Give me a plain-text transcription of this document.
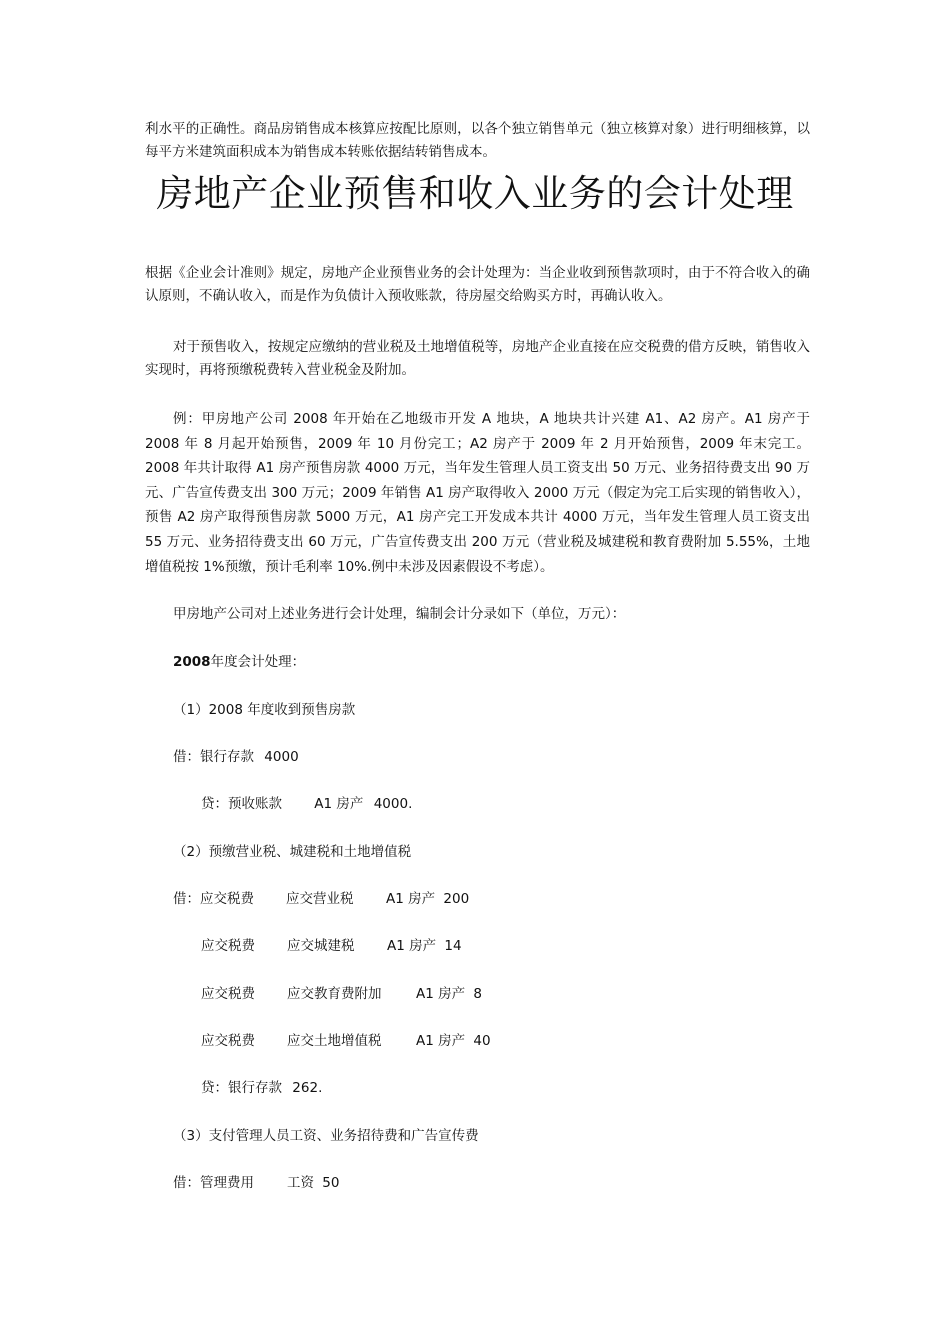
利水平的正确性。商品房销售成本核算应按配比原则，以各个独立销售单元（独立核算对象）进行明细核算，以每平方米建筑面积成本为销售成本转账依据结转销售成本。

房地产企业预售和收入业务的会计处理

根据《企业会计准则》规定，房地产企业预售业务的会计处理为：当企业收到预售款项时，由于不符合收入的确认原则，不确认收入，而是作为负债计入预收账款，待房屋交给购买方时，再确认收入。

对于预售收入，按规定应缴纳的营业税及土地增值税等，房地产企业直接在应交税费的借方反映，销售收入实现时，再将预缴税费转入营业税金及附加。

例：甲房地产公司 2008 年开始在乙地级市开发 A 地块，A 地块共计兴建 A1、A2 房产。A1 房产于 2008 年 8 月起开始预售，2009 年 10 月份完工；A2 房产于 2009 年 2 月开始预售，2009 年末完工。2008 年共计取得 A1 房产预售房款 4000 万元，当年发生管理人员工资支出 50 万元、业务招待费支出 90 万元、广告宣传费支出 300 万元；2009 年销售 A1 房产取得收入 2000 万元（假定为完工后实现的销售收入），预售 A2 房产取得预售房款 5000 万元，A1 房产完工开发成本共计 4000 万元，当年发生管理人员工资支出 55 万元、业务招待费支出 60 万元，广告宣传费支出 200 万元（营业税及城建税和教育费附加 5.55%，土地增值税按 1%预缴，预计毛利率 10%.例中未涉及因素假设不考虑）。

甲房地产公司对上述业务进行会计处理，编制会计分录如下（单位，万元）：

2008年度会计处理：
（1）2008 年度收到预售房款
借：银行存款 4000
贷：预收账款 A1 房产 4000.
（2）预缴营业税、城建税和土地增值税
借：应交税费 应交营业税 A1 房产 200
应交税费 应交城建税 A1 房产 14
应交税费 应交教育费附加	A1 房产 8
应交税费 应交土地增值税	A1 房产 40
贷：银行存款 262.
（3）支付管理人员工资、业务招待费和广告宣传费
借：管理费用 工资 50
